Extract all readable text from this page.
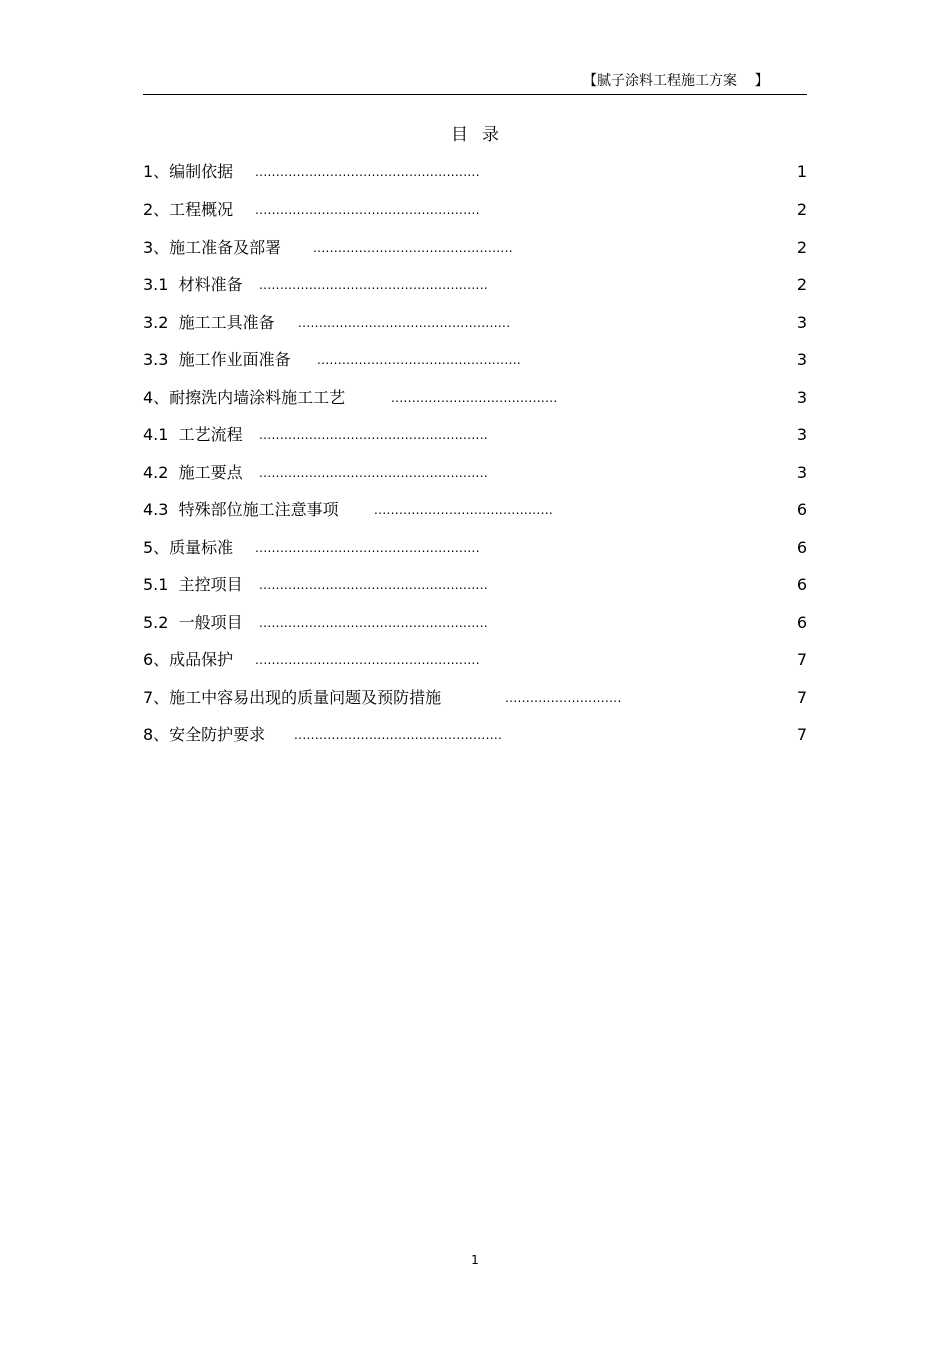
【腻子涂料工程施工方案    】
目录
1、编制依据 ......................................................	1
2、工程概况 ......................................................	2
3、施工准备及部署	................................................	2
3.1  材料准备 .......................................................	2
3.2  施工工具准备 ...................................................	3
3.3  施工作业面准备 .................................................	3
4、耐擦洗内墙涂料施工工艺	........................................	3
4.1  工艺流程 .......................................................	3
4.2  施工要点 .......................................................	3
4.3  特殊部位施工注意事项	...........................................	6
5、质量标准 ......................................................	6
5.1  主控项目 .......................................................	6
5.2  一般项目 .......................................................	6
6、成品保护 ......................................................	7
7、施工中容易出现的质量问题及预防措施	............................	7
8、安全防护要求 ..................................................	7
1
